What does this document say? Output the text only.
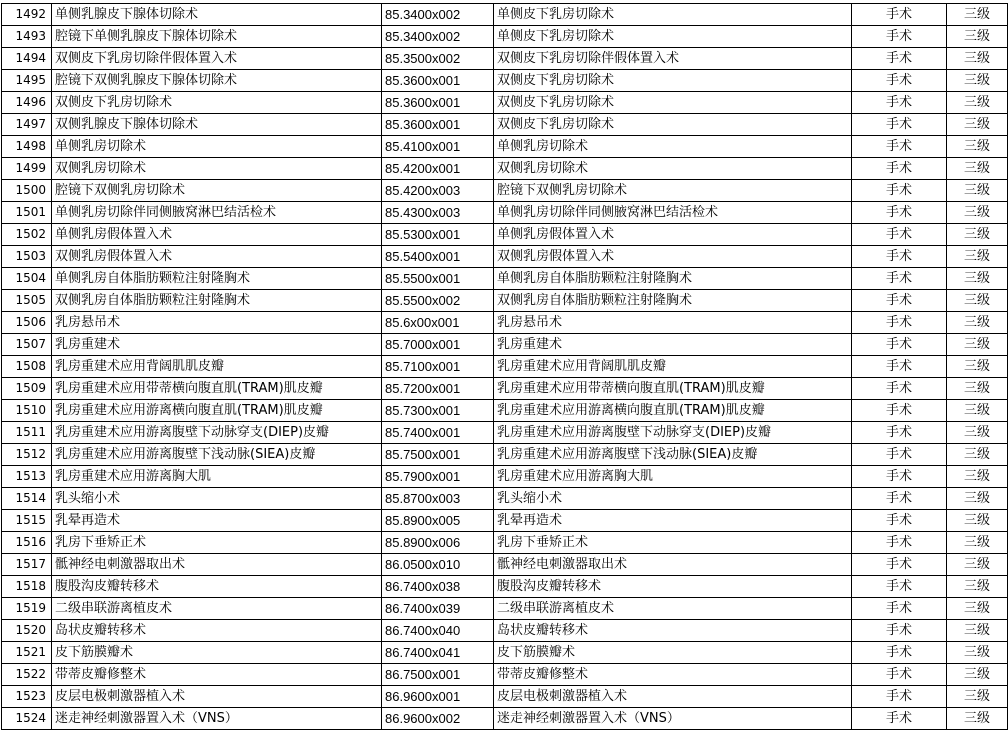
1492	单侧乳腺皮下腺体切除术	85.3400x002	单侧皮下乳房切除术	手术	三级
1493	腔镜下单侧乳腺皮下腺体切除术	85.3400x002	单侧皮下乳房切除术	手术	三级
1494	双侧皮下乳房切除伴假体置入术	85.3500x002	双侧皮下乳房切除伴假体置入术	手术	三级
1495	腔镜下双侧乳腺皮下腺体切除术	85.3600x001	双侧皮下乳房切除术	手术	三级
1496	双侧皮下乳房切除术	85.3600x001	双侧皮下乳房切除术	手术	三级
1497	双侧乳腺皮下腺体切除术	85.3600x001	双侧皮下乳房切除术	手术	三级
1498	单侧乳房切除术	85.4100x001	单侧乳房切除术	手术	三级
1499	双侧乳房切除术	85.4200x001	双侧乳房切除术	手术	三级
1500	腔镜下双侧乳房切除术	85.4200x003	腔镜下双侧乳房切除术	手术	三级
1501	单侧乳房切除伴同侧腋窝淋巴结活检术	85.4300x003	单侧乳房切除伴同侧腋窝淋巴结活检术	手术	三级
1502	单侧乳房假体置入术	85.5300x001	单侧乳房假体置入术	手术	三级
1503	双侧乳房假体置入术	85.5400x001	双侧乳房假体置入术	手术	三级
1504	单侧乳房自体脂肪颗粒注射隆胸术	85.5500x001	单侧乳房自体脂肪颗粒注射隆胸术	手术	三级
1505	双侧乳房自体脂肪颗粒注射隆胸术	85.5500x002	双侧乳房自体脂肪颗粒注射隆胸术	手术	三级
1506	乳房悬吊术	85.6x00x001	乳房悬吊术	手术	三级
1507	乳房重建术	85.7000x001	乳房重建术	手术	三级
1508	乳房重建术应用背阔肌肌皮瓣	85.7100x001	乳房重建术应用背阔肌肌皮瓣	手术	三级
1509	乳房重建术应用带蒂横向腹直肌(TRAM)肌皮瓣	85.7200x001	乳房重建术应用带蒂横向腹直肌(TRAM)肌皮瓣	手术	三级
1510	乳房重建术应用游离横向腹直肌(TRAM)肌皮瓣	85.7300x001	乳房重建术应用游离横向腹直肌(TRAM)肌皮瓣	手术	三级
1511	乳房重建术应用游离腹壁下动脉穿支(DIEP)皮瓣	85.7400x001	乳房重建术应用游离腹壁下动脉穿支(DIEP)皮瓣	手术	三级
1512	乳房重建术应用游离腹壁下浅动脉(SIEA)皮瓣	85.7500x001	乳房重建术应用游离腹壁下浅动脉(SIEA)皮瓣	手术	三级
1513	乳房重建术应用游离胸大肌	85.7900x001	乳房重建术应用游离胸大肌	手术	三级
1514	乳头缩小术	85.8700x003	乳头缩小术	手术	三级
1515	乳晕再造术	85.8900x005	乳晕再造术	手术	三级
1516	乳房下垂矫正术	85.8900x006	乳房下垂矫正术	手术	三级
1517	骶神经电刺激器取出术	86.0500x010	骶神经电刺激器取出术	手术	三级
1518	腹股沟皮瓣转移术	86.7400x038	腹股沟皮瓣转移术	手术	三级
1519	二级串联游离植皮术	86.7400x039	二级串联游离植皮术	手术	三级
1520	岛状皮瓣转移术	86.7400x040	岛状皮瓣转移术	手术	三级
1521	皮下筋膜瓣术	86.7400x041	皮下筋膜瓣术	手术	三级
1522	带蒂皮瓣修整术	86.7500x001	带蒂皮瓣修整术	手术	三级
1523	皮层电极刺激器植入术	86.9600x001	皮层电极刺激器植入术	手术	三级
1524	迷走神经刺激器置入术（VNS）	86.9600x002	迷走神经刺激器置入术（VNS）	手术	三级
